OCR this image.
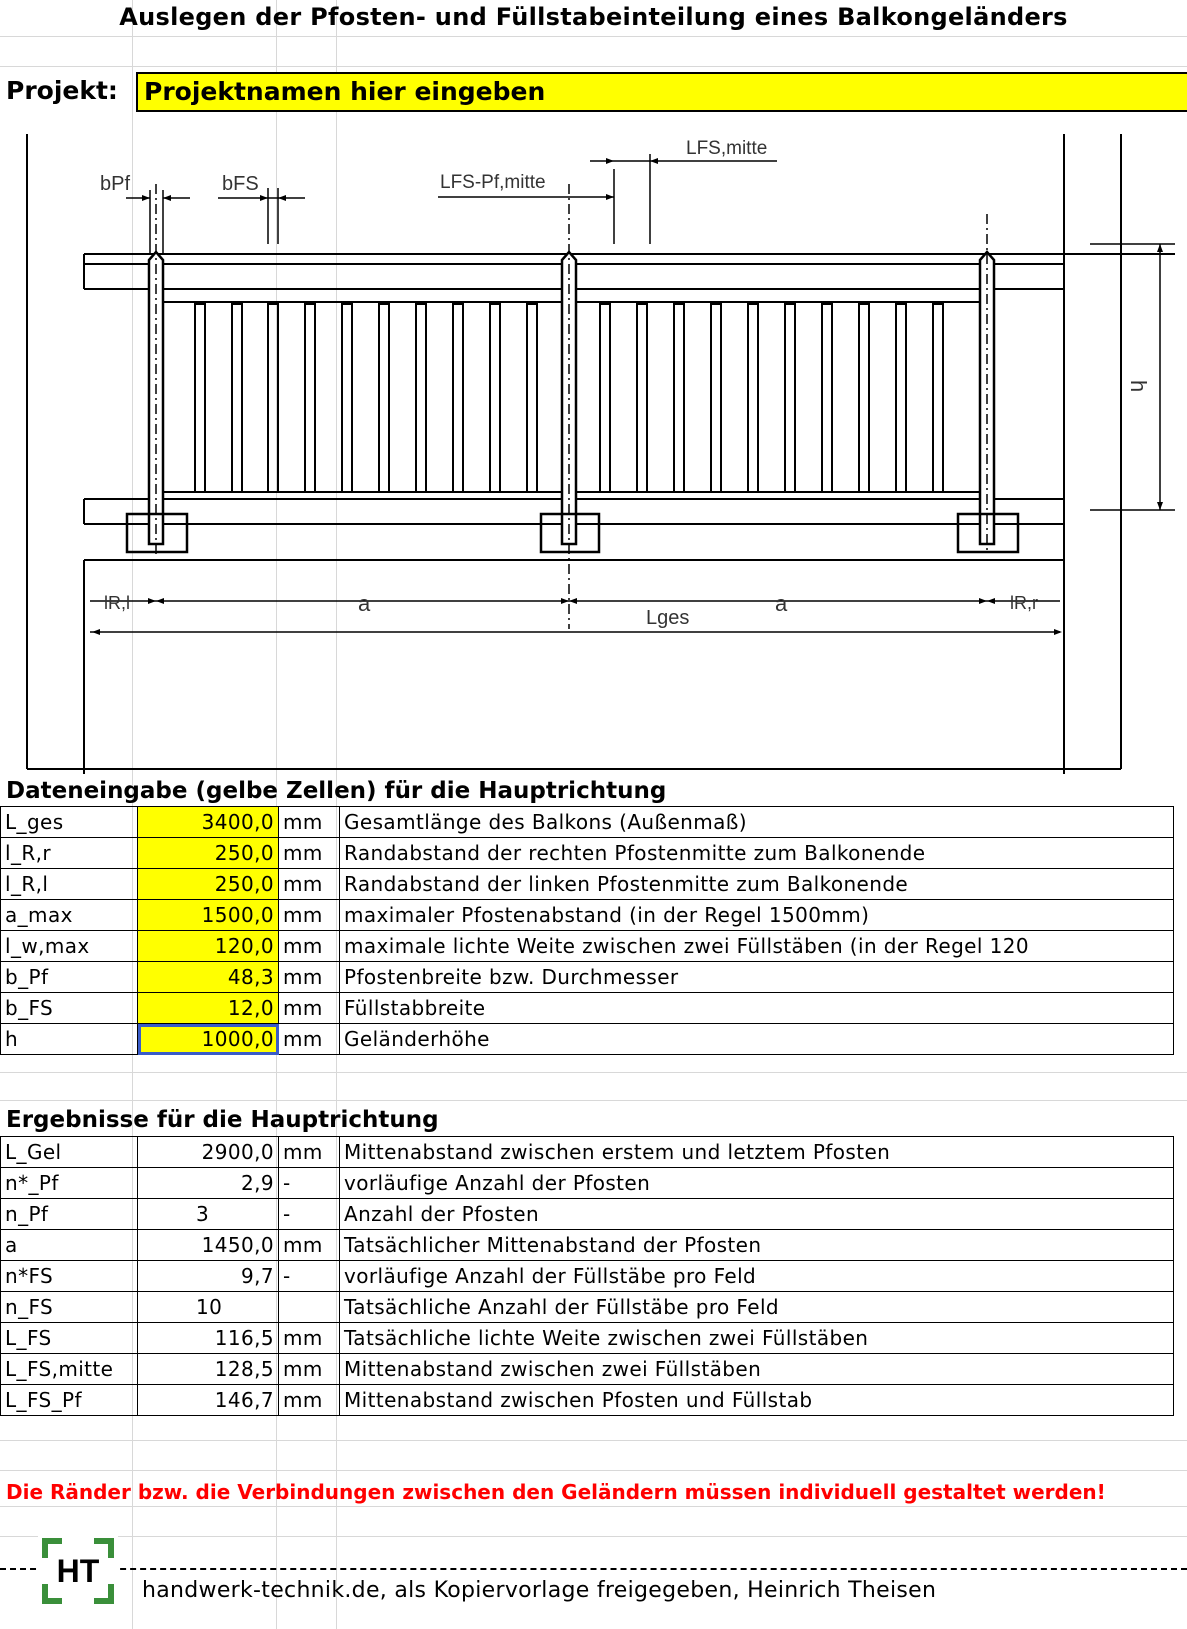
Auslegen der Pfosten- und Füllstabeinteilung eines Balkongeländers
Projekt:	Projektnamen hier eingeben
bPf	bFS	LFS-Pf,mitte
LFS,mitte
h
lR,l	a	a	lR,r
Lges
Dateneingabe (gelbe Zellen) für die Hauptrichtung
L_ges	3400,0	mm	Gesamtlänge des Balkons (Außenmaß)
l_R,r	250,0	mm	Randabstand der rechten Pfostenmitte zum Balkonende
l_R,l	250,0	mm	Randabstand der linken Pfostenmitte zum Balkonende
a_max	1500,0	mm	maximaler Pfostenabstand (in der Regel 1500mm)
l_w,max	120,0	mm	maximale lichte Weite zwischen zwei Füllstäben (in der Regel 120
b_Pf	48,3	mm	Pfostenbreite bzw. Durchmesser
b_FS	12,0	mm	Füllstabbreite
h	1000,0	mm	Geländerhöhe
Ergebnisse für die Hauptrichtung
L_Gel	2900,0	mm	Mittenabstand zwischen erstem und letztem Pfosten
n*_Pf	2,9	-	vorläufige Anzahl der Pfosten
n_Pf	3	-	Anzahl der Pfosten
a	1450,0	mm	Tatsächlicher Mittenabstand der Pfosten
n*FS	9,7	-	vorläufige Anzahl der Füllstäbe pro Feld
n_FS	10		Tatsächliche Anzahl der Füllstäbe pro Feld
L_FS	116,5	mm	Tatsächliche lichte Weite zwischen zwei Füllstäben
L_FS,mitte	128,5	mm	Mittenabstand zwischen zwei Füllstäben
L_FS_Pf	146,7	mm	Mittenabstand zwischen Pfosten und Füllstab
Die Ränder bzw. die Verbindungen zwischen den Geländern müssen individuell gestaltet werden!
HT
handwerk-technik.de, als Kopiervorlage freigegeben, Heinrich Theisen
